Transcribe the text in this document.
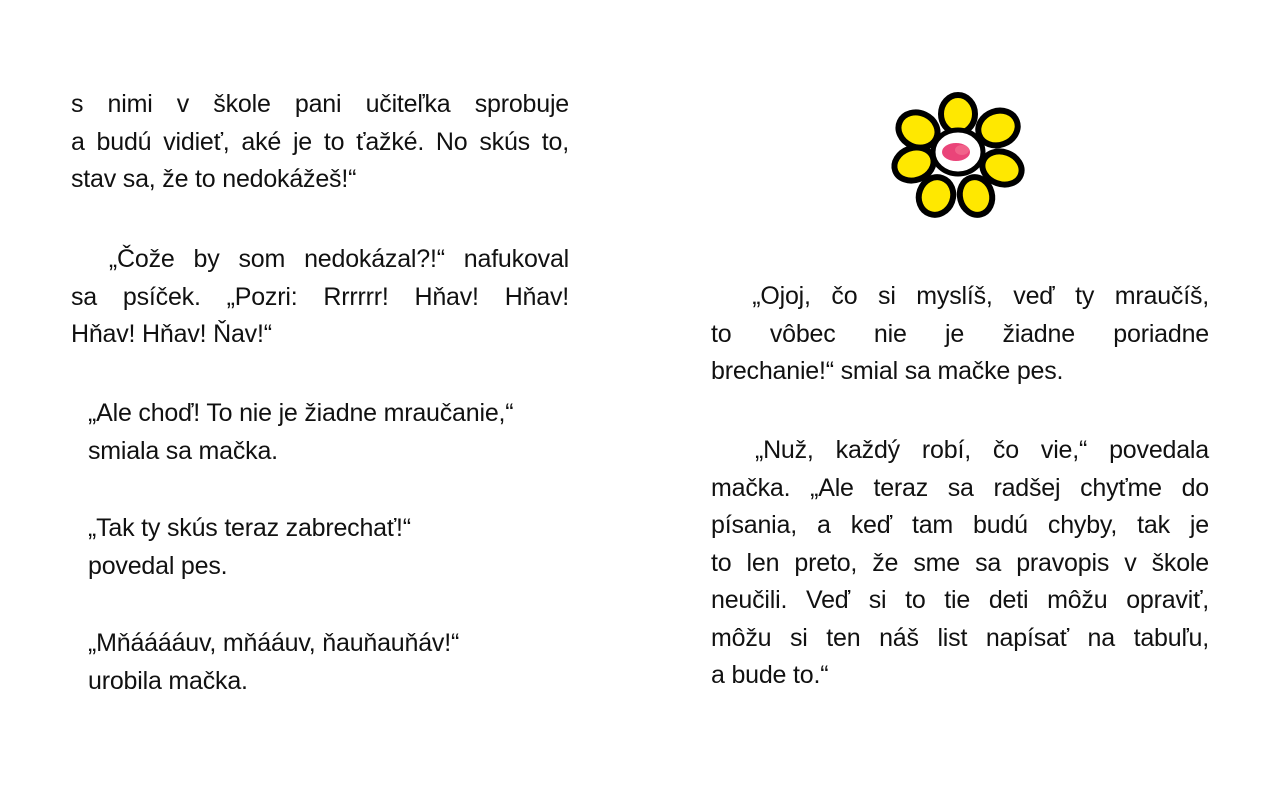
s nimi v škole pani učiteľka sprobuje
a budú vidieť, aké je to ťažké. No skús to,
stav sa, že to nedokážeš!“

„Čože by som nedokázal?!“ nafukoval
sa psíček. „Pozri: Rrrrrr! Hňav! Hňav!
Hňav! Hňav! Ňav!“

„Ale choď! To nie je žiadne mraučanie,“
smiala sa mačka.

„Tak ty skús teraz zabrechať!“
povedal pes.

„Mňááááuv, mňááuv, ňauňauňáv!“
urobila mačka.

„Ojoj, čo si myslíš, veď ty mraučíš,
to vôbec nie je žiadne poriadne
brechanie!“ smial sa mačke pes.

„Nuž, každý robí, čo vie,“ povedala
mačka. „Ale teraz sa radšej chyťme do
písania, a keď tam budú chyby, tak je
to len preto, že sme sa pravopis v škole
neučili. Veď si to tie deti môžu opraviť,
môžu si ten náš list napísať na tabuľu,
a bude to.“
